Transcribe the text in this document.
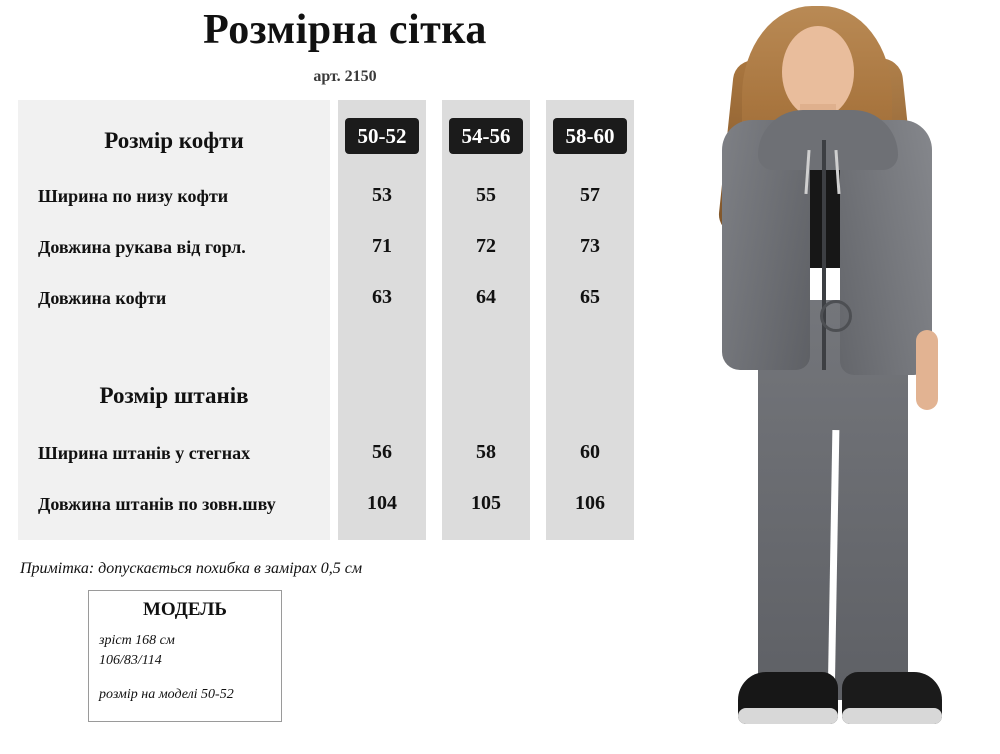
Розмірна сітка
арт. 2150
50-52	54-56	58-60
Розмір кофти
Ширина по низу кофти	53	55	57
Довжина рукава від горл.	71	72	73
Довжина кофти	63	64	65
Розмір штанів
Ширина штанів у стегнах	56	58	60
Довжина штанів по зовн.шву	104	105	106
Примітка: допускається похибка в замірах 0,5 см
МОДЕЛЬ
зріст 168 см
106/83/114
розмір на моделі 50-52
